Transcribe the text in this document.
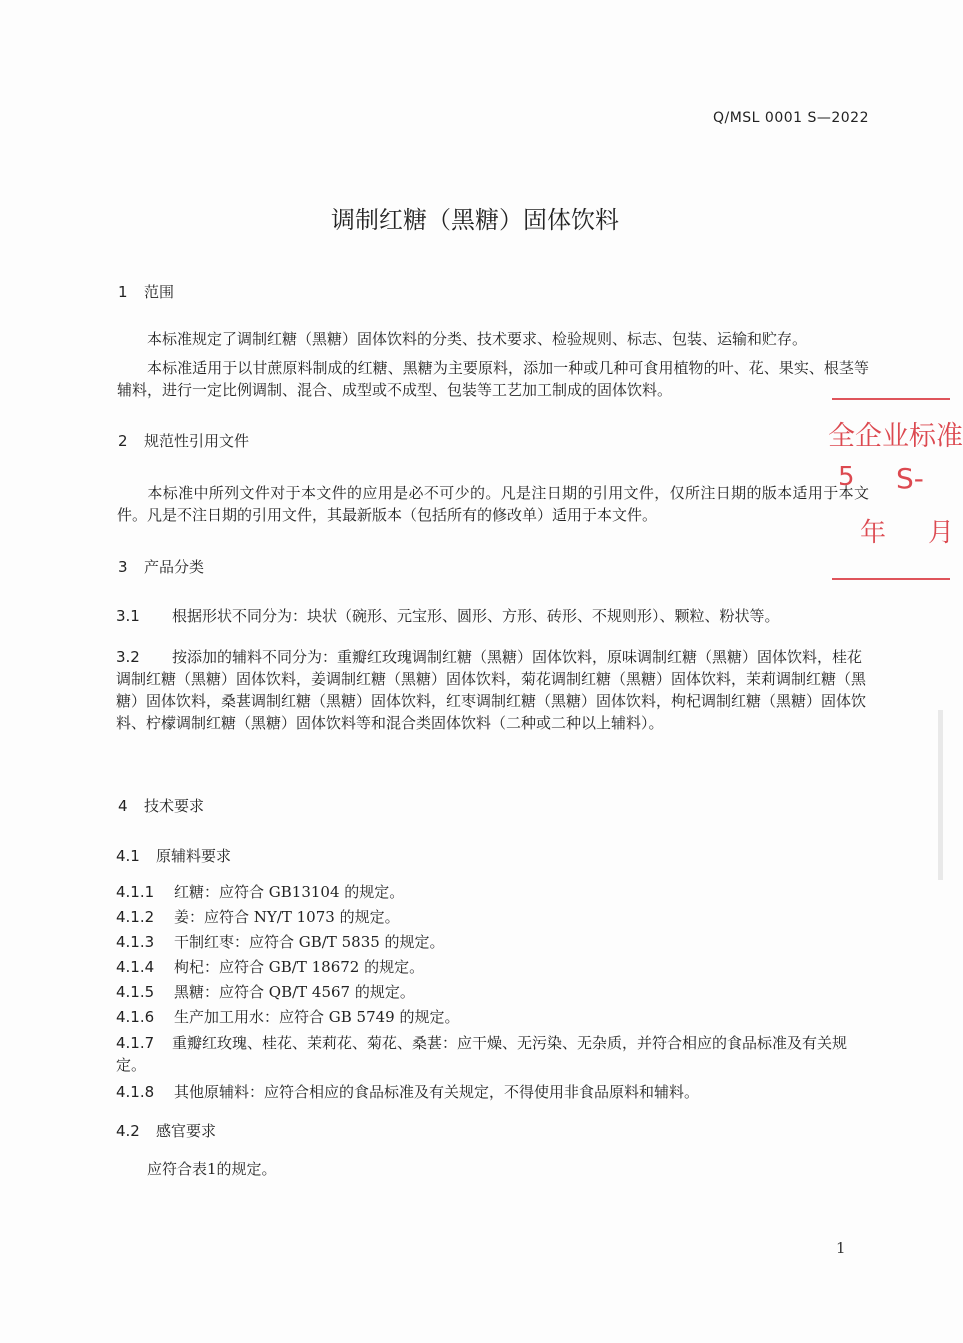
Q/MSL 0001 S—2022
调制红糖（黑糖）固体饮料
1 范围
本标准规定了调制红糖（黑糖）固体饮料的分类、技术要求、检验规则、标志、包装、运输和贮存。
本标准适用于以甘蔗原料制成的红糖、黑糖为主要原料，添加一种或几种可食用植物的叶、花、果实、根茎等辅料，进行一定比例调制、混合、成型或不成型、包装等工艺加工制成的固体饮料。
2 规范性引用文件
本标准中所列文件对于本文件的应用是必不可少的。凡是注日期的引用文件，仅所注日期的版本适用于本文件。凡是不注日期的引用文件，其最新版本（包括所有的修改单）适用于本文件。
3 产品分类
3.1 根据形状不同分为：块状（碗形、元宝形、圆形、方形、砖形、不规则形）、颗粒、粉状等。
3.2 按添加的辅料不同分为：重瓣红玫瑰调制红糖（黑糖）固体饮料，原味调制红糖（黑糖）固体饮料，桂花调制红糖（黑糖）固体饮料，姜调制红糖（黑糖）固体饮料，菊花调制红糖（黑糖）固体饮料，茉莉调制红糖（黑糖）固体饮料，桑葚调制红糖（黑糖）固体饮料，红枣调制红糖（黑糖）固体饮料，枸杞调制红糖（黑糖）固体饮料、柠檬调制红糖（黑糖）固体饮料等和混合类固体饮料（二种或二种以上辅料）。
4 技术要求
4.1 原辅料要求
4.1.1 红糖：应符合 GB13104 的规定。
4.1.2 姜：应符合 NY/T 1073 的规定。
4.1.3 干制红枣：应符合 GB/T 5835 的规定。
4.1.4 枸杞：应符合 GB/T 18672 的规定。
4.1.5 黑糖：应符合 QB/T 4567 的规定。
4.1.6 生产加工用水：应符合 GB 5749 的规定。
4.1.7 重瓣红玫瑰、桂花、茉莉花、菊花、桑葚：应干燥、无污染、无杂质，并符合相应的食品标准及有关规定。
4.1.8 其他原辅料：应符合相应的食品标准及有关规定，不得使用非食品原料和辅料。
4.2 感官要求
应符合表1的规定。
1
全企业标准
5 S-
年 月
